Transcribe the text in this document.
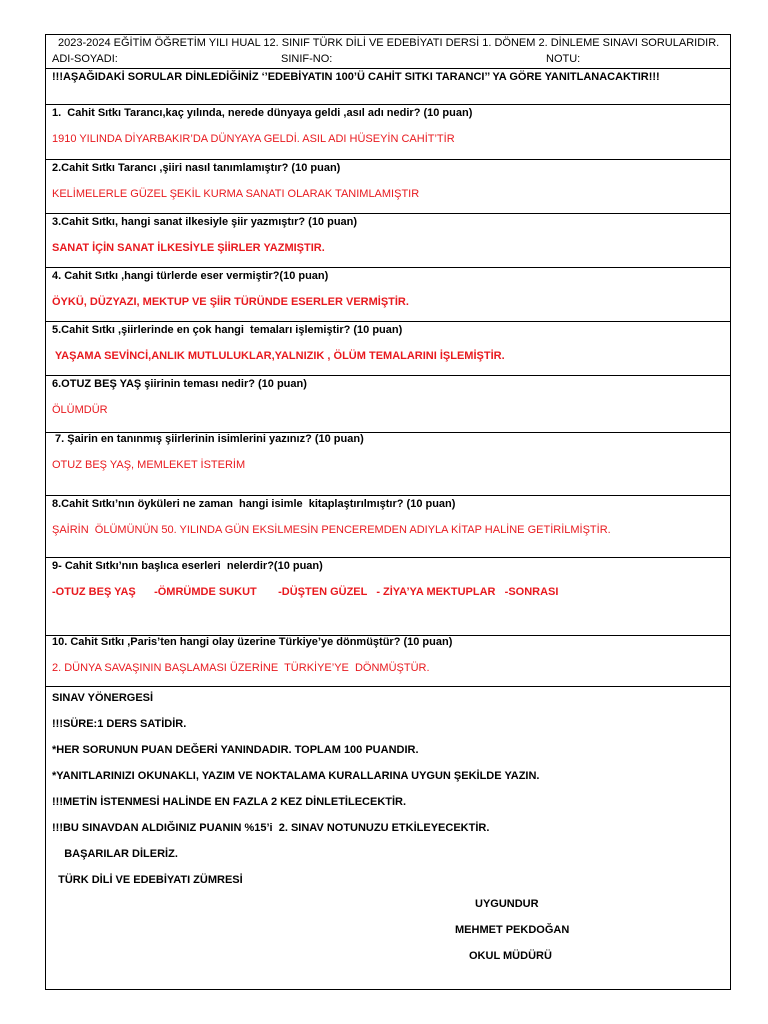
2023-2024 EĞİTİM ÖĞRETİM YILI HUAL 12. SINIF TÜRK DİLİ VE EDEBİYATI DERSİ 1. DÖNEM 2. DİNLEME SINAVI SORULARIDIR.
ADI-SOYADI:	SINIF-NO:	NOTU:
!!!AŞAĞIDAKİ SORULAR DİNLEDİĞİNİZ ‘’EDEBİYATIN 100’Ü CAHİT SITKI TARANCI’’ YA GÖRE YANITLANACAKTIR!!!
1.  Cahit Sıtkı Tarancı,kaç yılında, nerede dünyaya geldi ,asıl adı nedir? (10 puan)
1910 YILINDA DİYARBAKIR’DA DÜNYAYA GELDİ. ASIL ADI HÜSEYİN CAHİT’TİR
2.Cahit Sıtkı Tarancı ,şiiri nasıl tanımlamıştır? (10 puan)
KELİMELERLE GÜZEL ŞEKİL KURMA SANATI OLARAK TANIMLAMIŞTIR
3.Cahit Sıtkı, hangi sanat ilkesiyle şiir yazmıştır? (10 puan)
SANAT İÇİN SANAT İLKESİYLE ŞİİRLER YAZMIŞTIR.
4. Cahit Sıtkı ,hangi türlerde eser vermiştir?(10 puan)
ÖYKÜ, DÜZYAZI, MEKTUP VE ŞİİR TÜRÜNDE ESERLER VERMİŞTİR.
5.Cahit Sıtkı ,şiirlerinde en çok hangi  temaları işlemiştir? (10 puan)
YAŞAMA SEVİNCİ,ANLIK MUTLULUKLAR,YALNIZIK , ÖLÜM TEMALARINI İŞLEMİŞTİR.
6.OTUZ BEŞ YAŞ şiirinin teması nedir? (10 puan)
ÖLÜMDÜR
7. Şairin en tanınmış şiirlerinin isimlerini yazınız? (10 puan)
OTUZ BEŞ YAŞ, MEMLEKET İSTERİM
8.Cahit Sıtkı’nın öyküleri ne zaman  hangi isimle  kitaplaştırılmıştır? (10 puan)
ŞAİRİN  ÖLÜMÜNÜN 50. YILINDA GÜN EKSİLMESİN PENCEREMDEN ADIYLA KİTAP HALİNE GETİRİLMİŞTİR.
9- Cahit Sıtkı’nın başlıca eserleri  nelerdir?(10 puan)
-OTUZ BEŞ YAŞ      -ÖMRÜMDE SUKUT       -DÜŞTEN GÜZEL   - ZİYA’YA MEKTUPLAR   -SONRASI
10. Cahit Sıtkı ,Paris’ten hangi olay üzerine Türkiye’ye dönmüştür? (10 puan)
2. DÜNYA SAVAŞININ BAŞLAMASI ÜZERİNE  TÜRKİYE’YE  DÖNMÜŞTÜR.
SINAV YÖNERGESİ
!!!SÜRE:1 DERS SATİDİR.
*HER SORUNUN PUAN DEĞERİ YANINDADIR. TOPLAM 100 PUANDIR.
*YANITLARINIZI OKUNAKLI, YAZIM VE NOKTALAMA KURALLARINA UYGUN ŞEKİLDE YAZIN.
!!!METİN İSTENMESİ HALİNDE EN FAZLA 2 KEZ DİNLETİLECEKTİR.
!!!BU SINAVDAN ALDIĞINIZ PUANIN %15’i  2. SINAV NOTUNUZU ETKİLEYECEKTİR.
BAŞARILAR DİLERİZ.
TÜRK DİLİ VE EDEBİYATI ZÜMRESİ
UYGUNDUR
MEHMET PEKDOĞAN
OKUL MÜDÜRÜ
